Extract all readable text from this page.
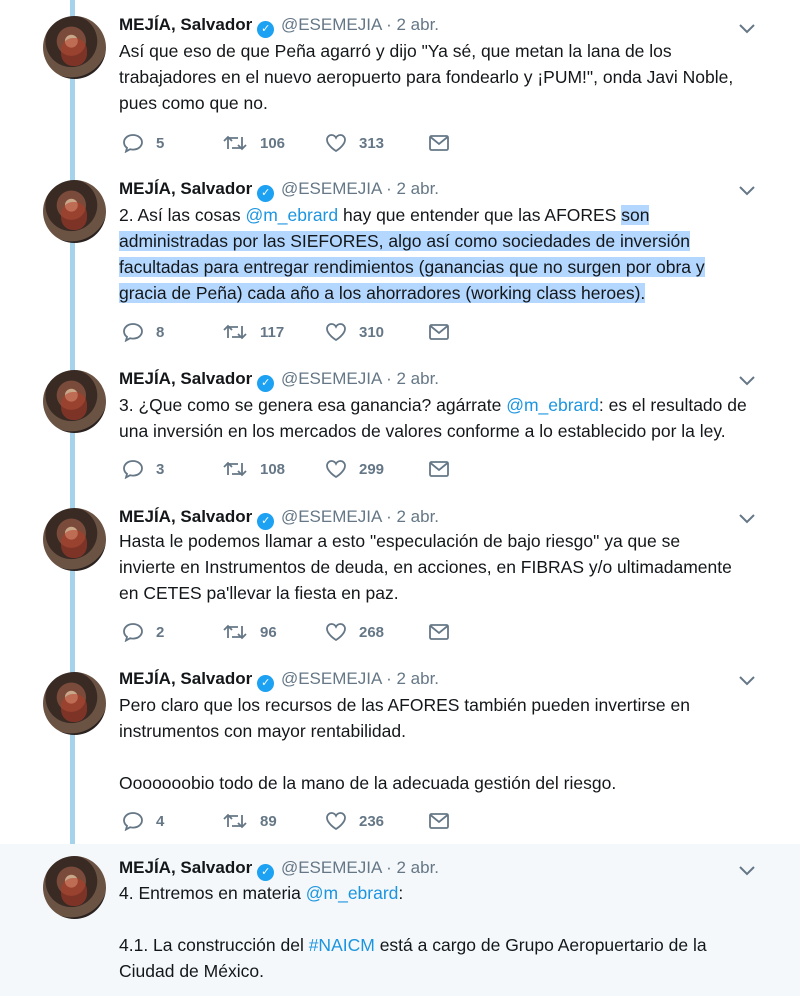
MEJÍA, Salvador ✓ @ESEMEJIA · 2 abr.

Así que eso de que Peña agarró y dijo "Ya sé, que metan la lana de los

trabajadores en el nuevo aeropuerto para fondearlo y ¡PUM!", onda Javi Noble,

pues como que no.

5	106	313
MEJÍA, Salvador ✓ @ESEMEJIA · 2 abr.

2. Así las cosas @m_ebrard hay que entender que las AFORES son

administradas por las SIEFORES, algo así como sociedades de inversión

facultadas para entregar rendimientos (ganancias que no surgen por obra y

gracia de Peña) cada año a los ahorradores (working class heroes).

8	117	310
MEJÍA, Salvador ✓ @ESEMEJIA · 2 abr.

3. ¿Que como se genera esa ganancia? agárrate @m_ebrard: es el resultado de

una inversión en los mercados de valores conforme a lo establecido por la ley.

3	108	299
MEJÍA, Salvador ✓ @ESEMEJIA · 2 abr.

Hasta le podemos llamar a esto "especulación de bajo riesgo" ya que se

invierte en Instrumentos de deuda, en acciones, en FIBRAS y/o ultimadamente

en CETES pa'llevar la fiesta en paz.

2	96	268
MEJÍA, Salvador ✓ @ESEMEJIA · 2 abr.

Pero claro que los recursos de las AFORES también pueden invertirse en

instrumentos con mayor rentabilidad.

Ooooooobio todo de la mano de la adecuada gestión del riesgo.

4	89	236
MEJÍA, Salvador ✓ @ESEMEJIA · 2 abr.

4. Entremos en materia @m_ebrard:

4.1. La construcción del #NAICM está a cargo de Grupo Aeropuertario de la

Ciudad de México.
